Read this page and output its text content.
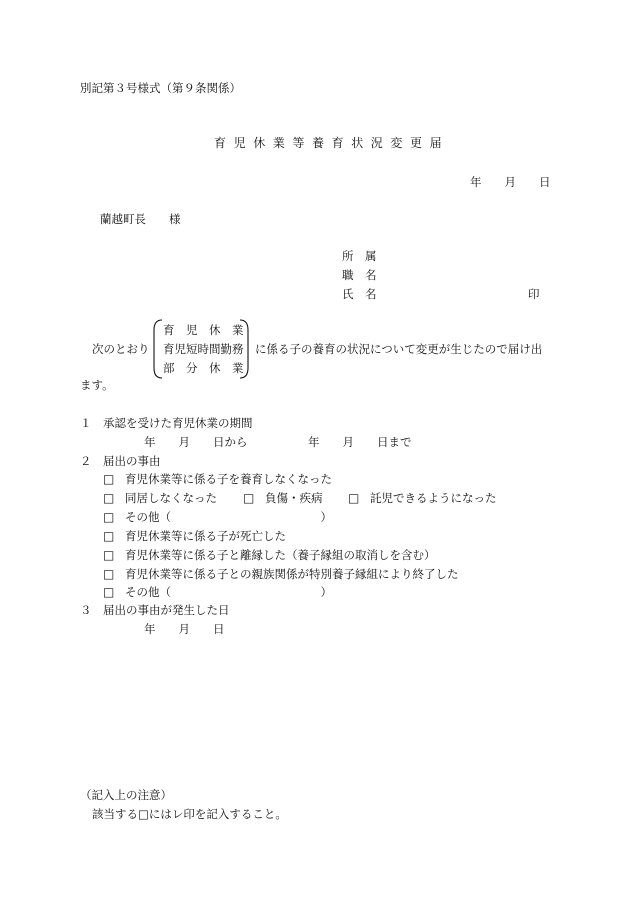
別記第３号様式（第９条関係）
育児休業等養育状況変更届
年　　月　　日
蘭越町長　　様
所　属
職　名
氏　名	印
次のとおり
育　児　休　業
育児短時間勤務
部　分　休　業
に係る子の養育の状況について変更が生じたので届け出
ます。
１　承認を受けた育児休業の期間
年　　月　　日から	年　　月　　日まで
２　届出の事由
□ 育児休業等に係る子を養育しなくなった
□ 同居しなくなった □ 負傷・疾病 □ 託児できるようになった
□ その他（　　　　　　　　　　　　　）
□ 育児休業等に係る子が死亡した
□ 育児休業等に係る子と離縁した（養子縁組の取消しを含む）
□ 育児休業等に係る子との親族関係が特別養子縁組により終了した
□ その他（　　　　　　　　　　　　　）
３　届出の事由が発生した日
年　　月　　日
（記入上の注意）
該当する□にはレ印を記入すること。
